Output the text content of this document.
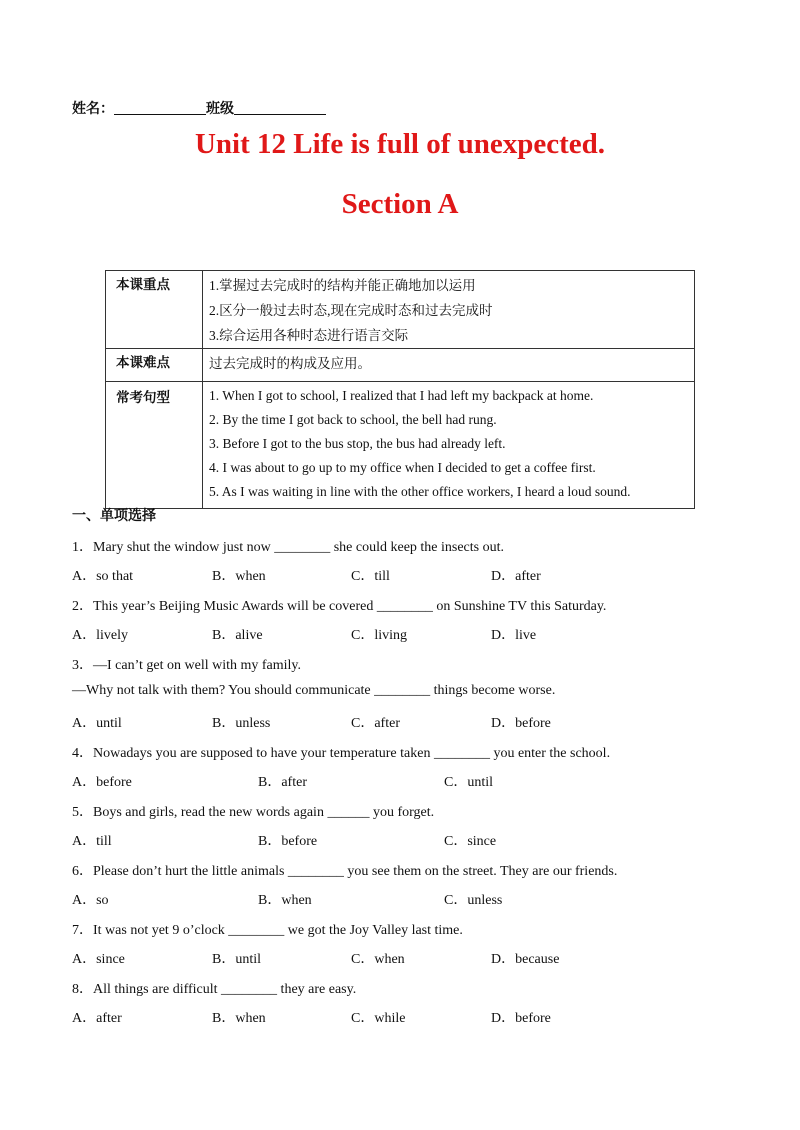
姓名：	班级
Unit 12 Life is full of unexpected.
Section A
本课重点	1.掌握过去完成时的结构并能正确地加以运用
2.区分一般过去时态,现在完成时态和过去完成时
3.综合运用各种时态进行语言交际

本课难点	过去完成时的构成及应用。

常考句型	1. When I got to school, I realized that I had left my backpack at home.
2. By the time I got back to school, the bell had rung.
3. Before I got to the bus stop, the bus had already left.
4. I was about to go up to my office when I decided to get a coffee first.
5. As I was waiting in line with the other office workers, I heard a loud sound.
一、单项选择
1．Mary shut the window just now ________ she could keep the insects out.
A．so that	B．when	C．till	D．after
2．This year’s Beijing Music Awards will be covered ________ on Sunshine TV this Saturday.
A．lively	B．alive	C．living	D．live
3．—I can’t get on well with my family.
—Why not talk with them? You should communicate ________ things become worse.
A．until	B．unless	C．after	D．before
4．Nowadays you are supposed to have your temperature taken ________ you enter the school.
A．before	B．after	C．until
5．Boys and girls, read the new words again ______ you forget.
A．till	B．before	C．since
6．Please don’t hurt the little animals ________ you see them on the street. They are our friends.
A．so	B．when	C．unless
7．It was not yet 9 o’clock ________ we got the Joy Valley last time.
A．since	B．until	C．when	D．because
8．All things are difficult ________ they are easy.
A．after	B．when	C．while	D．before
